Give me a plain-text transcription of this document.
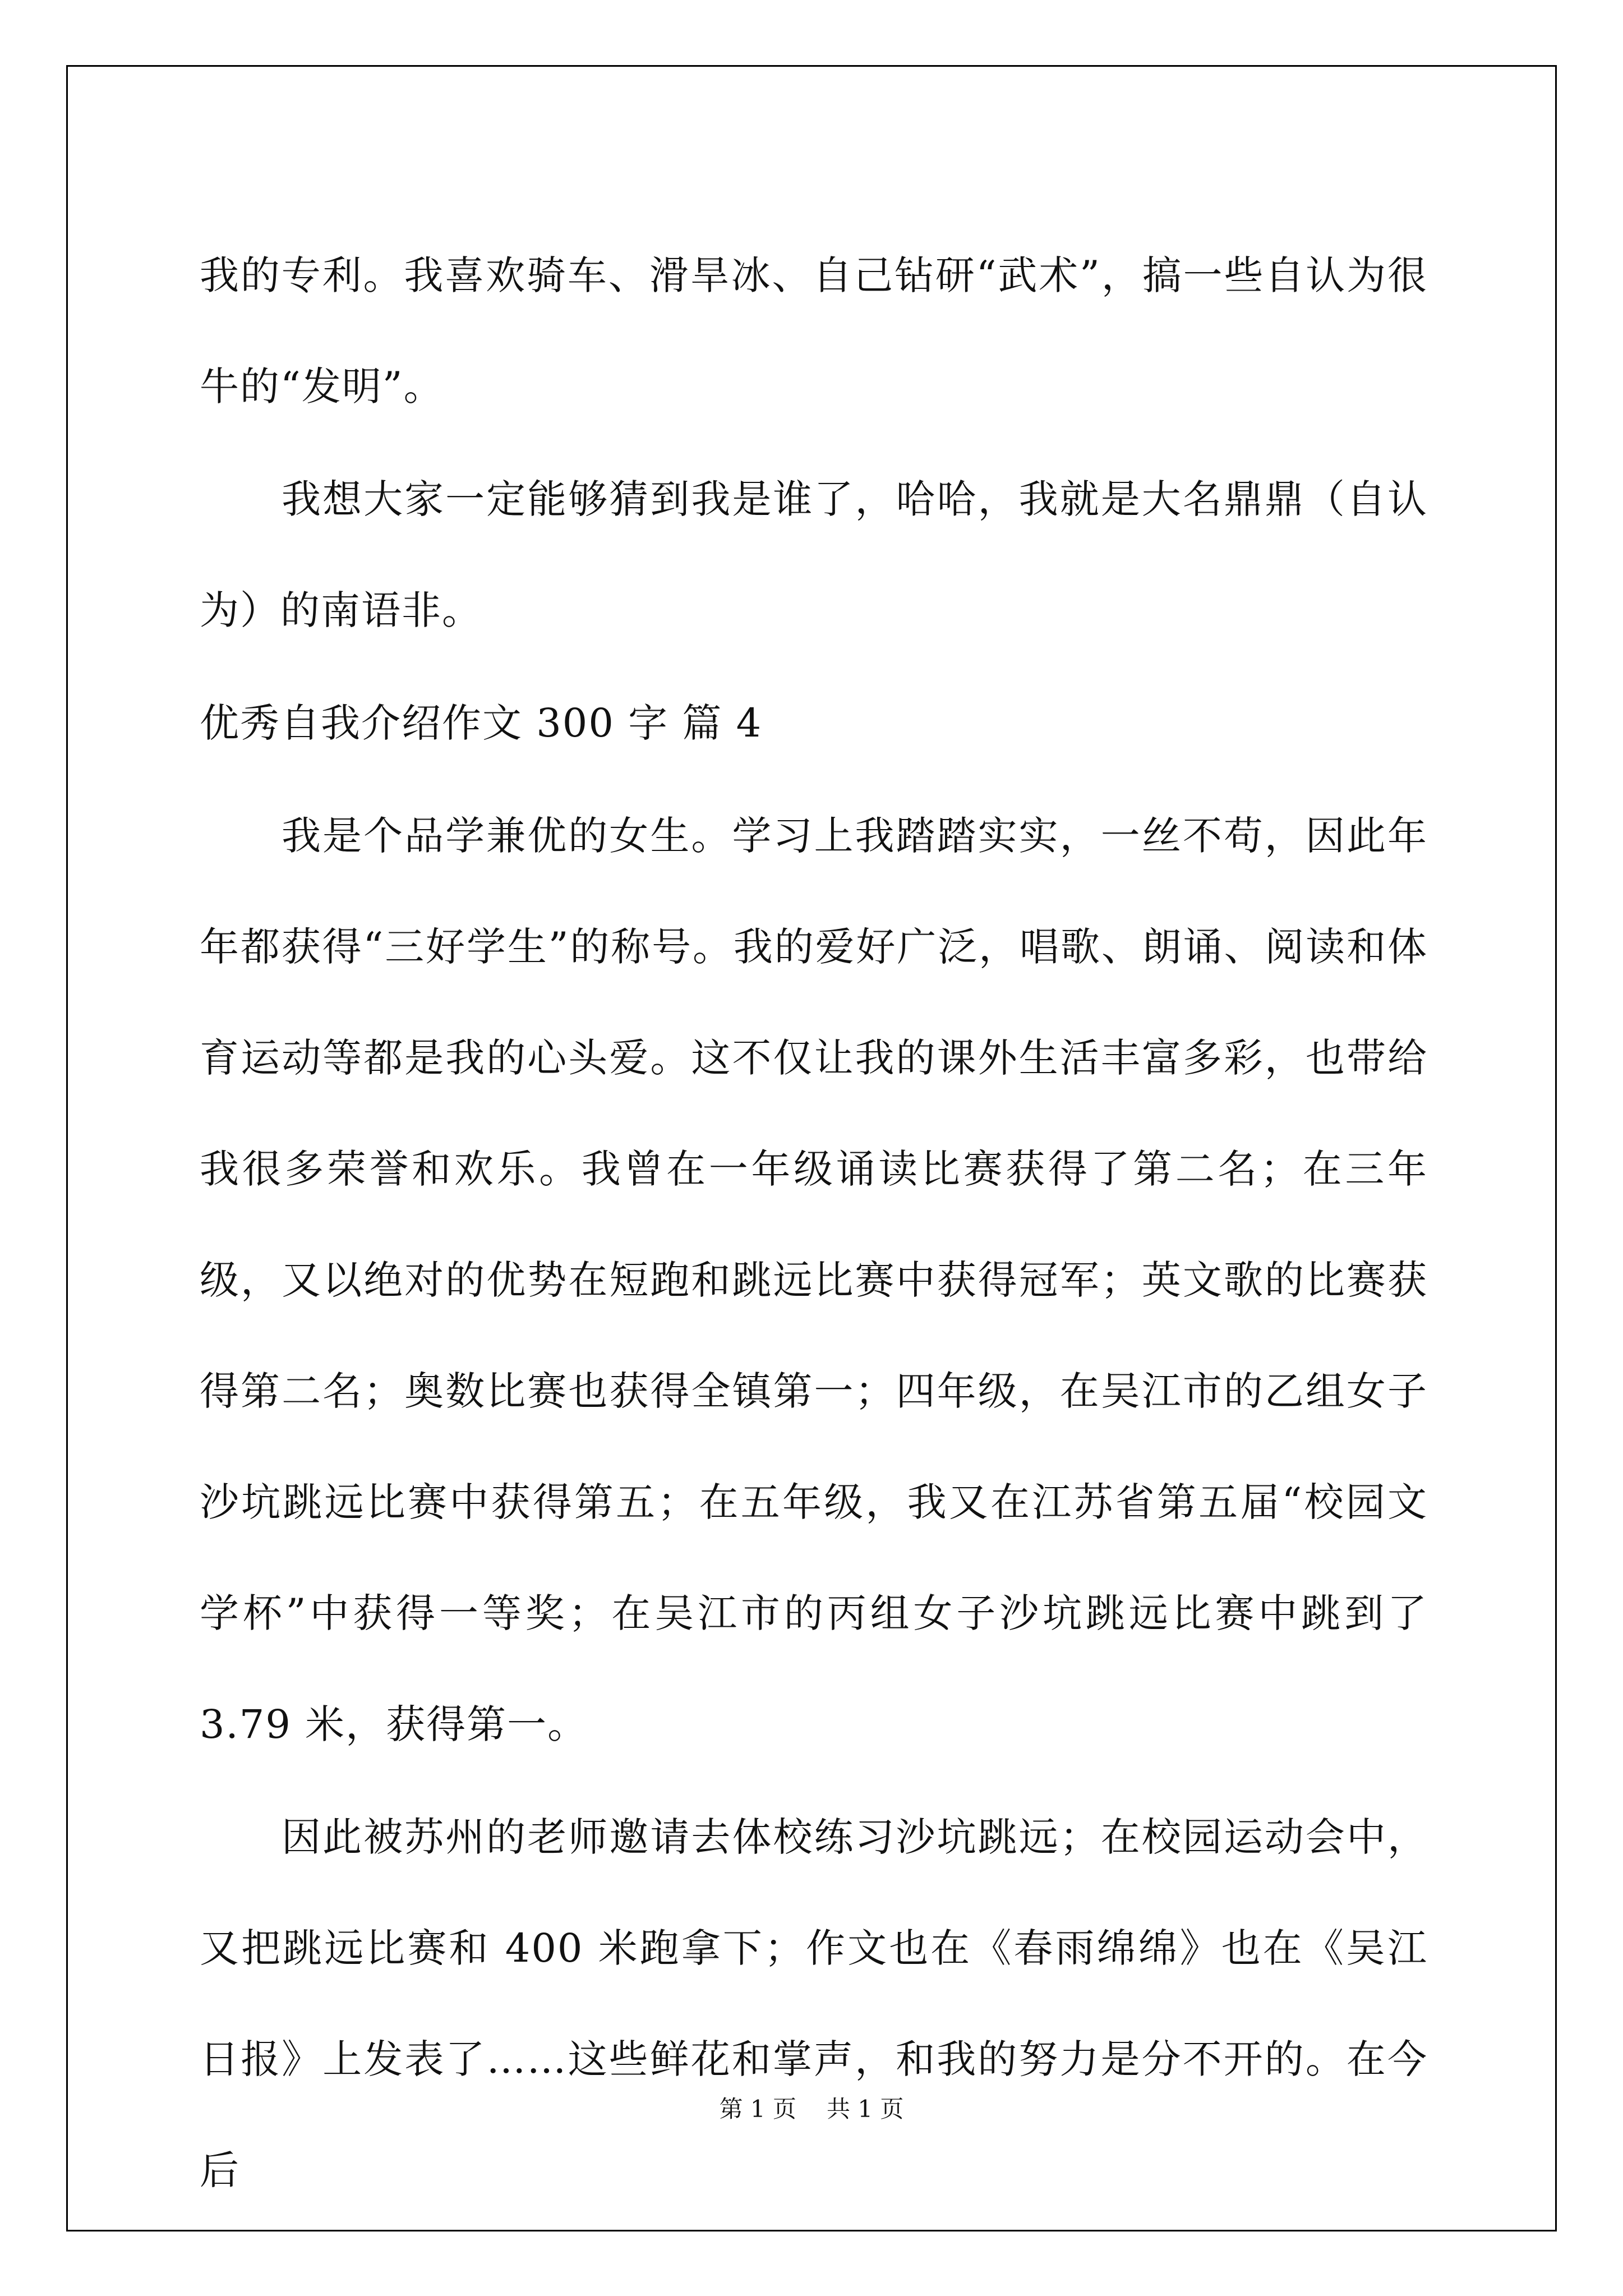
我的专利。我喜欢骑车、滑旱冰、自己钻研“武术”，搞一些自认为很牛的“发明”。

我想大家一定能够猜到我是谁了，哈哈，我就是大名鼎鼎（自认为）的南语非。

优秀自我介绍作文 300 字 篇 4

我是个品学兼优的女生。学习上我踏踏实实，一丝不苟，因此年年都获得“三好学生”的称号。我的爱好广泛，唱歌、朗诵、阅读和体育运动等都是我的心头爱。这不仅让我的课外生活丰富多彩，也带给我很多荣誉和欢乐。我曾在一年级诵读比赛获得了第二名；在三年级，又以绝对的优势在短跑和跳远比赛中获得冠军；英文歌的比赛获得第二名；奥数比赛也获得全镇第一；四年级，在吴江市的乙组女子沙坑跳远比赛中获得第五；在五年级，我又在江苏省第五届“校园文学杯”中获得一等奖；在吴江市的丙组女子沙坑跳远比赛中跳到了 3.79 米，获得第一。

因此被苏州的老师邀请去体校练习沙坑跳远；在校园运动会中，又把跳远比赛和 400 米跑拿下；作文也在《春雨绵绵》也在《吴江日报》上发表了……这些鲜花和掌声，和我的努力是分不开的。在今后

第 1 页 共 1 页
